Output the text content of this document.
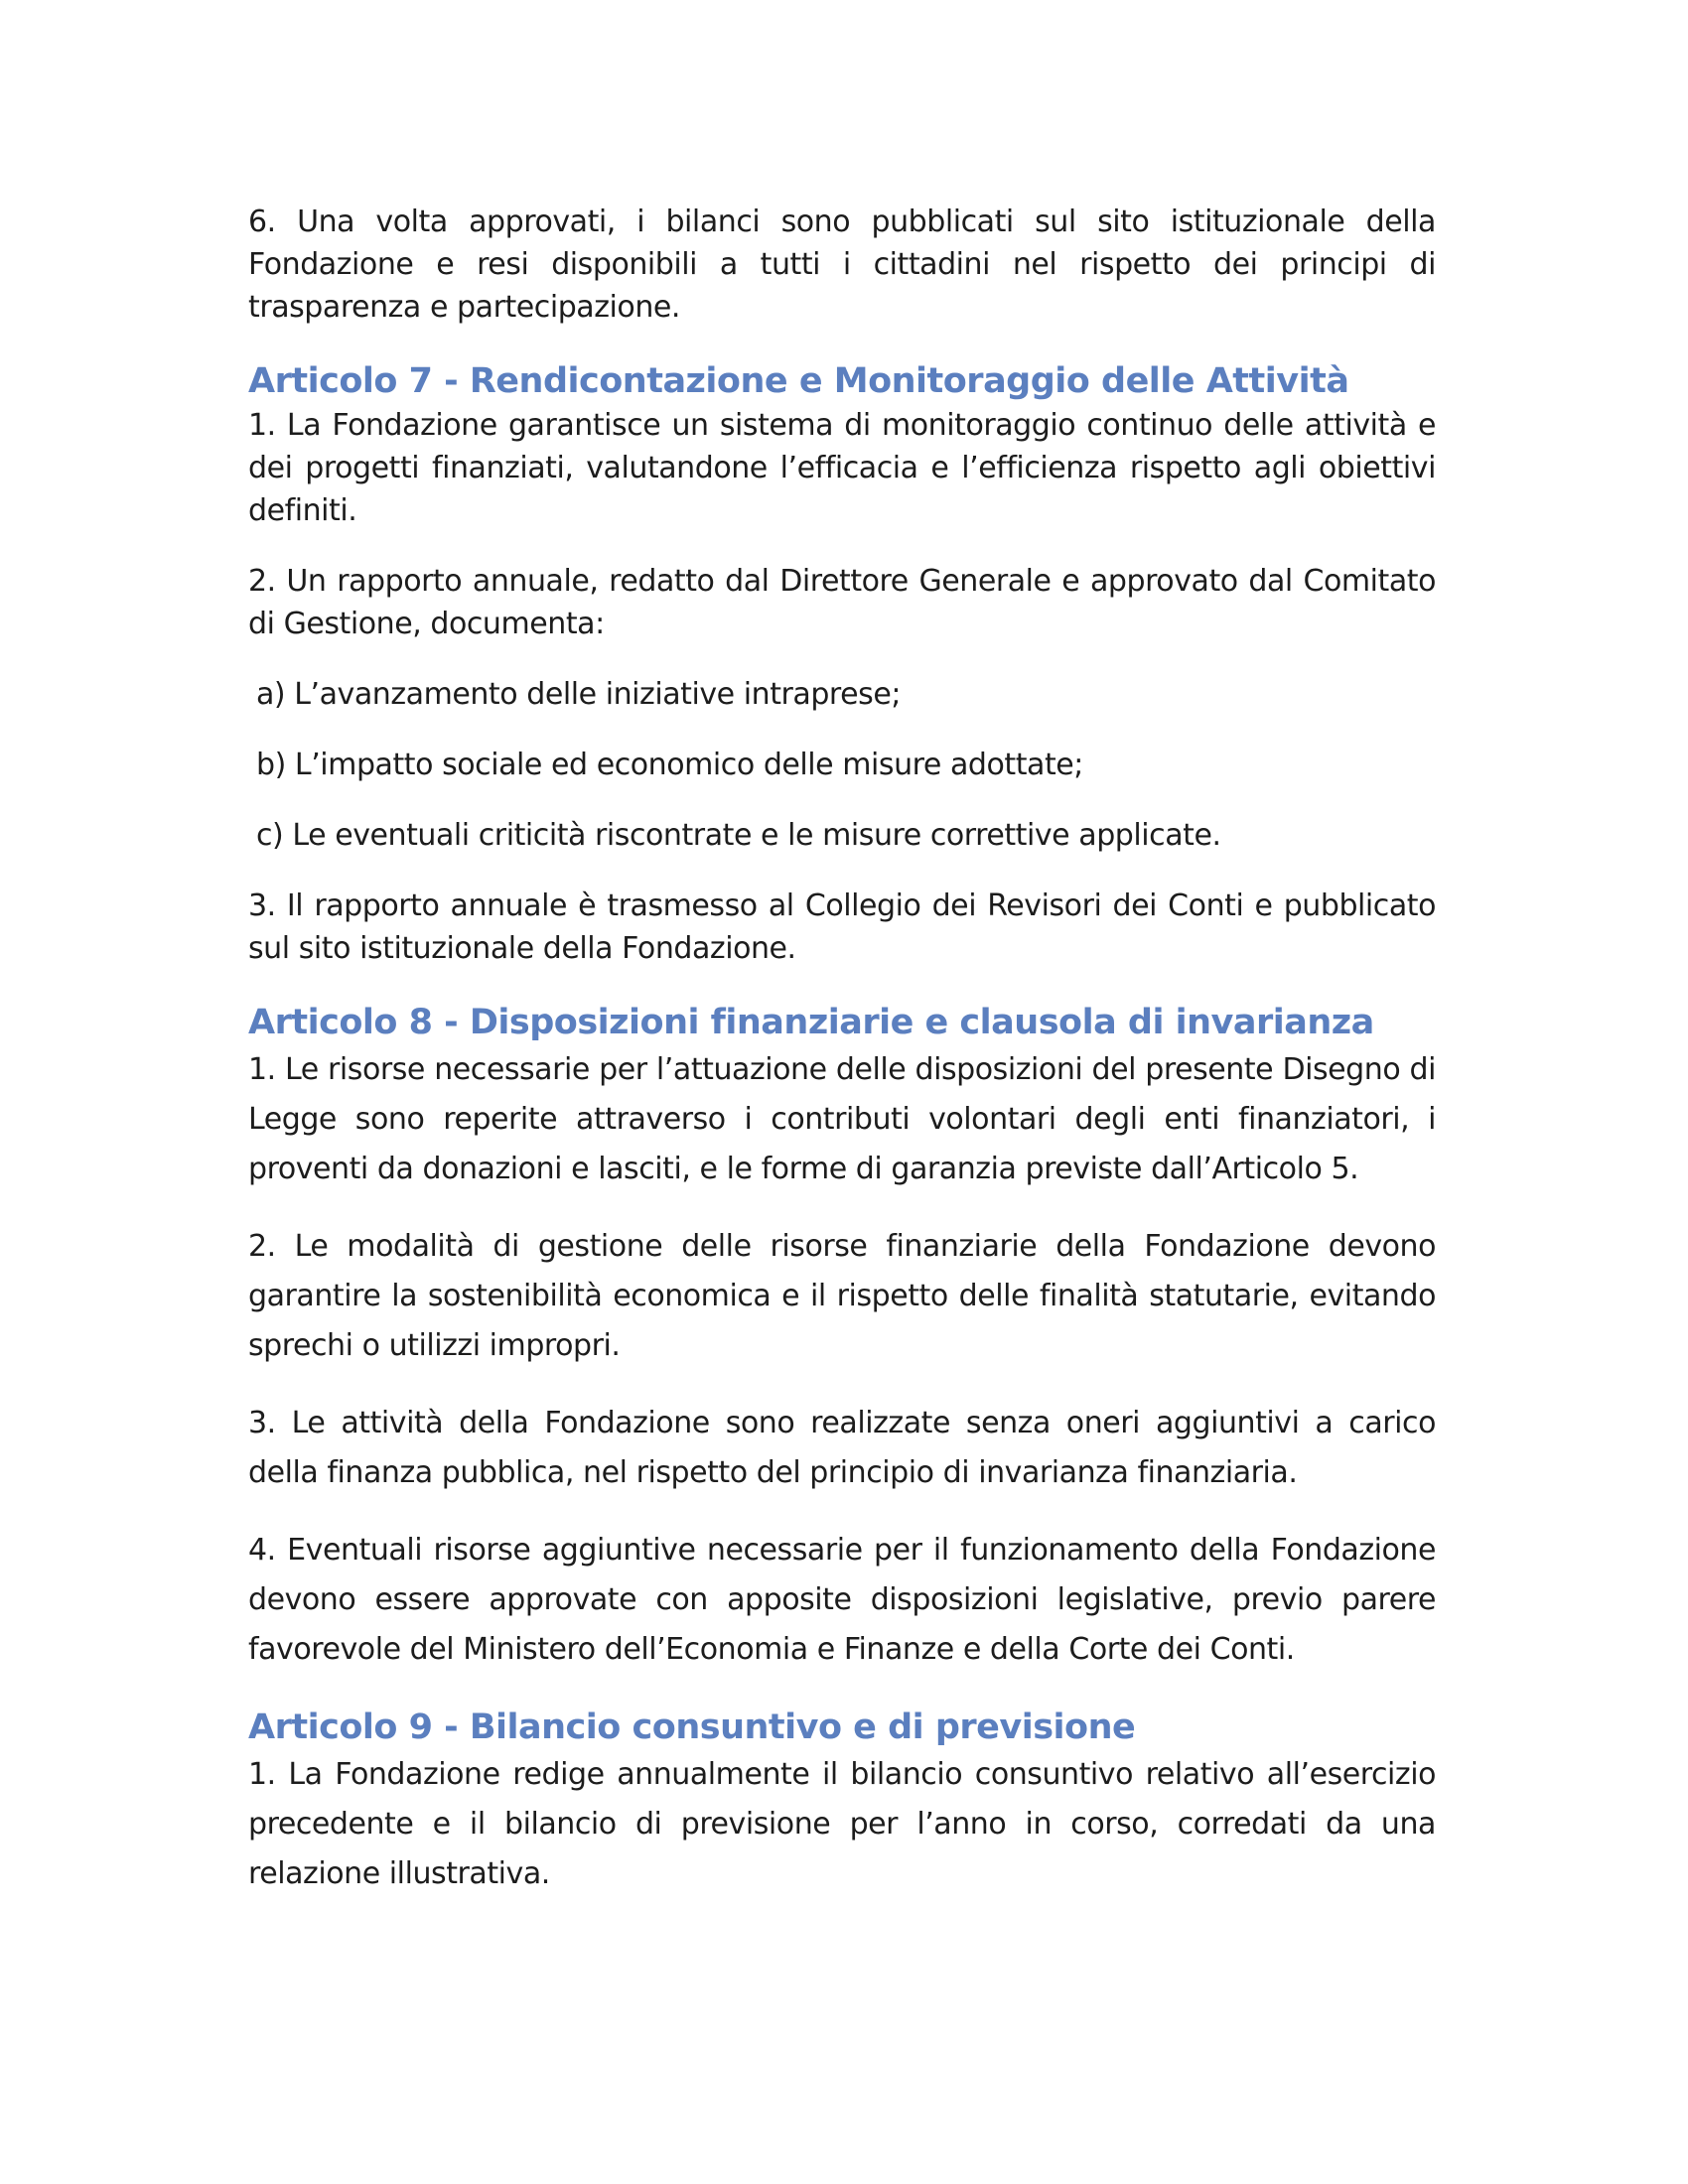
6. Una volta approvati, i bilanci sono pubblicati sul sito istituzionale della Fondazione e resi disponibili a tutti i cittadini nel rispetto dei principi di trasparenza e partecipazione.

Articolo 7 - Rendicontazione e Monitoraggio delle Attività

1. La Fondazione garantisce un sistema di monitoraggio continuo delle attività e dei progetti finanziati, valutandone l’efficacia e l’efficienza rispetto agli obiettivi definiti.

2. Un rapporto annuale, redatto dal Direttore Generale e approvato dal Comitato di Gestione, documenta:

a) L’avanzamento delle iniziative intraprese;

b) L’impatto sociale ed economico delle misure adottate;

c) Le eventuali criticità riscontrate e le misure correttive applicate.

3. Il rapporto annuale è trasmesso al Collegio dei Revisori dei Conti e pubblicato sul sito istituzionale della Fondazione.

Articolo 8 - Disposizioni finanziarie e clausola di invarianza

1. Le risorse necessarie per l’attuazione delle disposizioni del presente Disegno di Legge sono reperite attraverso i contributi volontari degli enti finanziatori, i proventi da donazioni e lasciti, e le forme di garanzia previste dall’Articolo 5.

2. Le modalità di gestione delle risorse finanziarie della Fondazione devono garantire la sostenibilità economica e il rispetto delle finalità statutarie, evitando sprechi o utilizzi impropri.

3. Le attività della Fondazione sono realizzate senza oneri aggiuntivi a carico della finanza pubblica, nel rispetto del principio di invarianza finanziaria.

4. Eventuali risorse aggiuntive necessarie per il funzionamento della Fondazione devono essere approvate con apposite disposizioni legislative, previo parere favorevole del Ministero dell’Economia e Finanze e della Corte dei Conti.

Articolo 9 - Bilancio consuntivo e di previsione

1. La Fondazione redige annualmente il bilancio consuntivo relativo all’esercizio precedente e il bilancio di previsione per l’anno in corso, corredati da una relazione illustrativa.
